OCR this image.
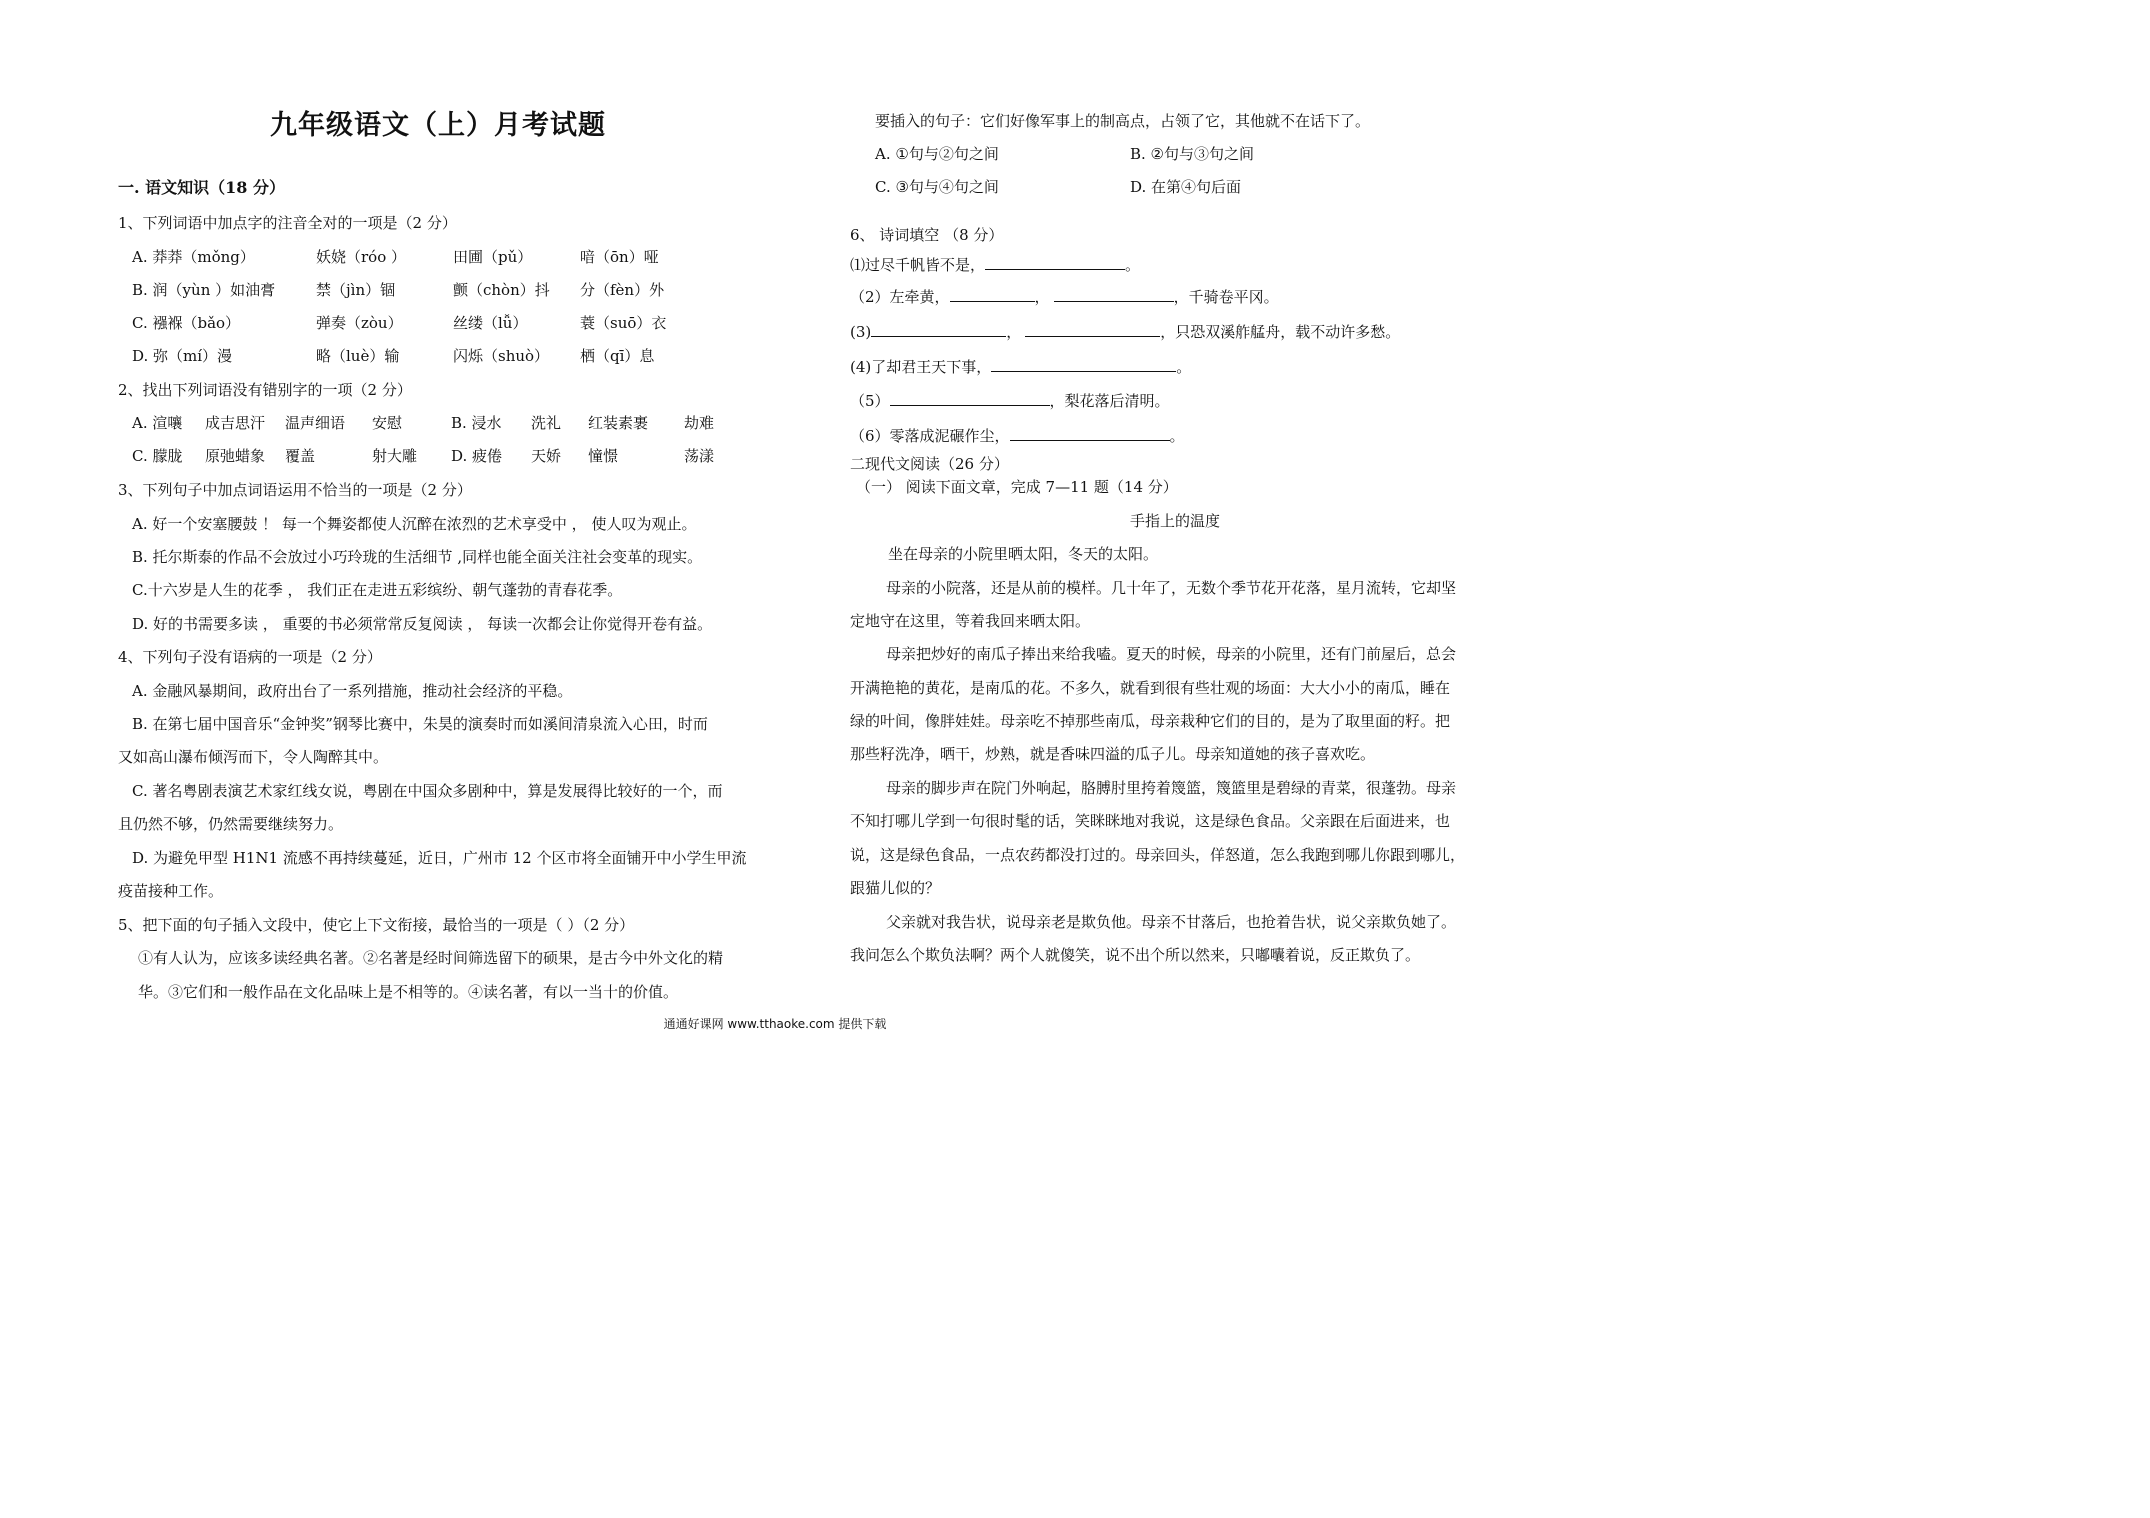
九年级语文（上）月考试题
一. 语文知识（18 分）
1、下列词语中加点字的注音全对的一项是（2 分）
A. 莽莽（mǒng）	妖娆（róo ）	田圃（pǔ）	喑（ōn）哑
B. 润（yùn ）如油膏	禁（jìn）锢	颤（chòn）抖 分（fèn）外
C. 襁褓（bǎo）	弹奏（zòu）	丝缕（lǚ）	蓑（suō）衣
D. 弥（mí）漫	略（luè）输	闪烁（shuò） 栖（qī）息
2、找出下列词语没有错别字的一项（2 分）
A. 渲嚷 成吉思汗 温声细语 安慰	B. 浸水 洗礼 红装素裹 劫难
C. 朦胧 原弛蜡象 覆盖	射大雕 D. 疲倦 天娇 憧憬	荡漾
3、下列句子中加点词语运用不恰当的一项是（2 分）
A. 好一个安塞腰鼓 ！ 每一个舞姿都使人沉醉在浓烈的艺术享受中 ， 使人叹为观止。
B. 托尔斯泰的作品不会放过小巧玲珑的生活细节 ,同样也能全面关注社会变革的现实。
C.十六岁是人生的花季 ， 我们正在走进五彩缤纷、朝气蓬勃的青春花季。
D. 好的书需要多读 ， 重要的书必须常常反复阅读 ， 每读一次都会让你觉得开卷有益。
4、下列句子没有语病的一项是（2 分）
A. 金融风暴期间，政府出台了一系列措施，推动社会经济的平稳。
B. 在第七届中国音乐“金钟奖”钢琴比赛中，朱昊的演奏时而如溪间清泉流入心田，时而
又如高山瀑布倾泻而下，令人陶醉其中。
C. 著名粤剧表演艺术家红线女说，粤剧在中国众多剧种中，算是发展得比较好的一个，而
且仍然不够，仍然需要继续努力。
D. 为避免甲型 H1N1 流感不再持续蔓延，近日，广州市 12 个区市将全面铺开中小学生甲流
疫苗接种工作。
5、把下面的句子插入文段中，使它上下文衔接，最恰当的一项是（ ）（2 分）
①有人认为，应该多读经典名著。②名著是经时间筛选留下的硕果，是古今中外文化的精
华。③它们和一般作品在文化品味上是不相等的。④读名著，有以一当十的价值。
要插入的句子：它们好像军事上的制高点，占领了它，其他就不在话下了。
A. ①句与②句之间	B. ②句与③句之间
C. ③句与④句之间	D. 在第④句后面
6、 诗词填空 （8 分）
⑴过尽千帆皆不是，	。
（2）左牵黄，	，	，千骑卷平冈。
(3)	，	，只恐双溪舴艋舟，载不动许多愁。
(4)了却君王天下事，	。
（5）	，梨花落后清明。
（6）零落成泥碾作尘，	。
二现代文阅读（26 分）
（一） 阅读下面文章，完成 7—11 题（14 分）
手指上的温度
坐在母亲的小院里晒太阳，冬天的太阳。
母亲的小院落，还是从前的模样。几十年了，无数个季节花开花落，星月流转，它却坚
定地守在这里，等着我回来晒太阳。
母亲把炒好的南瓜子捧出来给我嗑。夏天的时候，母亲的小院里，还有门前屋后，总会
开满艳艳的黄花，是南瓜的花。不多久，就看到很有些壮观的场面：大大小小的南瓜，睡在
绿的叶间，像胖娃娃。母亲吃不掉那些南瓜，母亲栽种它们的目的，是为了取里面的籽。把
那些籽洗净，晒干，炒熟，就是香味四溢的瓜子儿。母亲知道她的孩子喜欢吃。
母亲的脚步声在院门外响起，胳膊肘里挎着篾篮，篾篮里是碧绿的青菜，很蓬勃。母亲
不知打哪儿学到一句很时髦的话，笑眯眯地对我说，这是绿色食品。父亲跟在后面进来，也
说，这是绿色食品，一点农药都没打过的。母亲回头，佯怒道，怎么我跑到哪儿你跟到哪儿，
跟猫儿似的？
父亲就对我告状，说母亲老是欺负他。母亲不甘落后，也抢着告状，说父亲欺负她了。
我问怎么个欺负法啊？两个人就傻笑，说不出个所以然来，只嘟囔着说，反正欺负了。
通通好课网 www.tthaoke.com 提供下载
